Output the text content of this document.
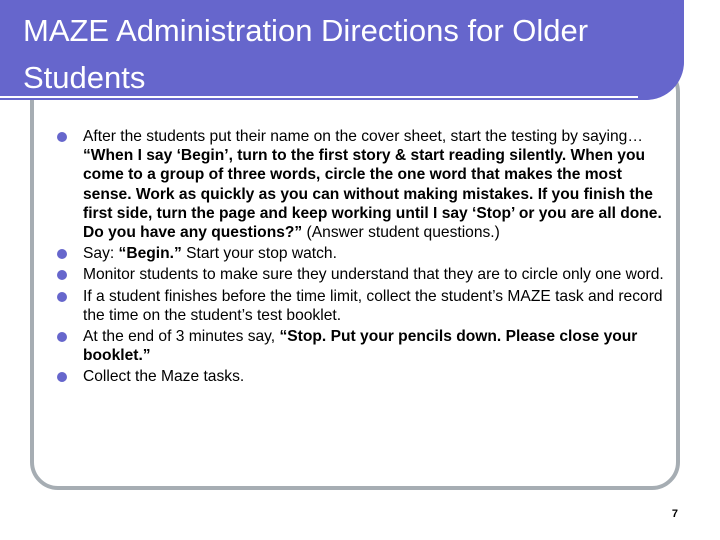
MAZE Administration Directions for Older Students
After the students put their name on the cover sheet, start the testing by saying… “When I say ‘Begin’, turn to the first story & start reading silently. When you come to a group of three words, circle the one word that makes the most sense. Work as quickly as you can without making mistakes. If you finish the first side, turn the page and keep working until I say ‘Stop’ or you are all done. Do you have any questions?” (Answer student questions.)
Say: “Begin.” Start your stop watch.
Monitor students to make sure they understand that they are to circle only one word.
If a student finishes before the time limit, collect the student’s MAZE task and record the time on the student’s test booklet.
At the end of 3 minutes say, “Stop. Put your pencils down. Please close your booklet.”
Collect the Maze tasks.
7
